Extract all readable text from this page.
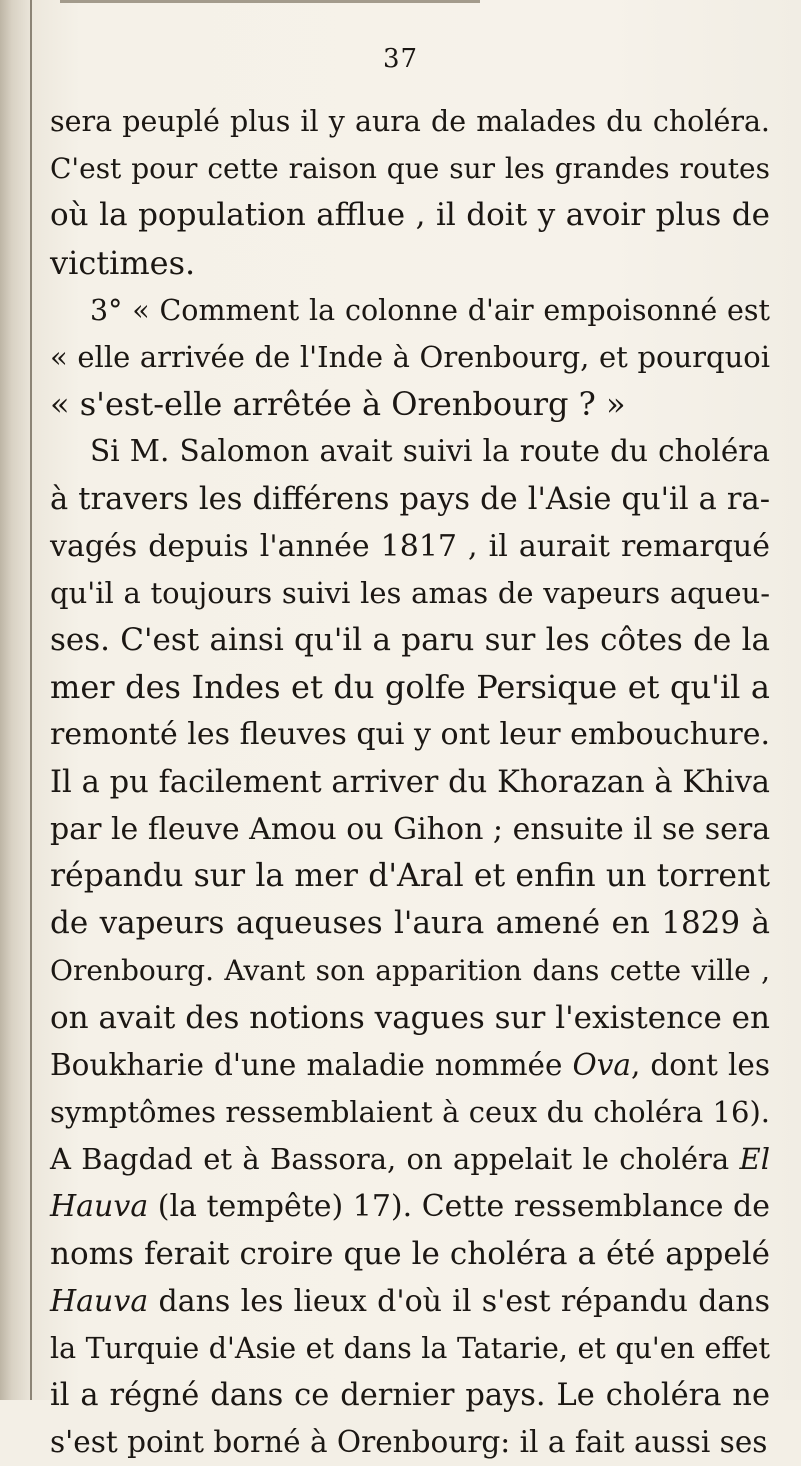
37
sera peuplé plus il y aura de malades du choléra.
C'est pour cette raison que sur les grandes routes
où la population afflue , il doit y avoir plus de
victimes.
3° « Comment la colonne d'air empoisonné est
« elle arrivée de l'Inde à Orenbourg, et pourquoi
« s'est-elle arrêtée à Orenbourg ? »
Si M. Salomon avait suivi la route du choléra
à travers les différens pays de l'Asie qu'il a ra-
vagés depuis l'année 1817 , il aurait remarqué
qu'il a toujours suivi les amas de vapeurs aqueu-
ses. C'est ainsi qu'il a paru sur les côtes de la
mer des Indes et du golfe Persique et qu'il a
remonté les fleuves qui y ont leur embouchure.
Il a pu facilement arriver du Khorazan à Khiva
par le fleuve Amou ou Gihon ; ensuite il se sera
répandu sur la mer d'Aral et enfin un torrent
de vapeurs aqueuses l'aura amené en 1829 à
Orenbourg. Avant son apparition dans cette ville ,
on avait des notions vagues sur l'existence en
Boukharie d'une maladie nommée Ova, dont les
symptômes ressemblaient à ceux du choléra 16).
A Bagdad et à Bassora, on appelait le choléra El
Hauva (la tempête) 17). Cette ressemblance de
noms ferait croire que le choléra a été appelé
Hauva dans les lieux d'où il s'est répandu dans
la Turquie d'Asie et dans la Tatarie, et qu'en effet
il a régné dans ce dernier pays. Le choléra ne
s'est point borné à Orenbourg: il a fait aussi ses
